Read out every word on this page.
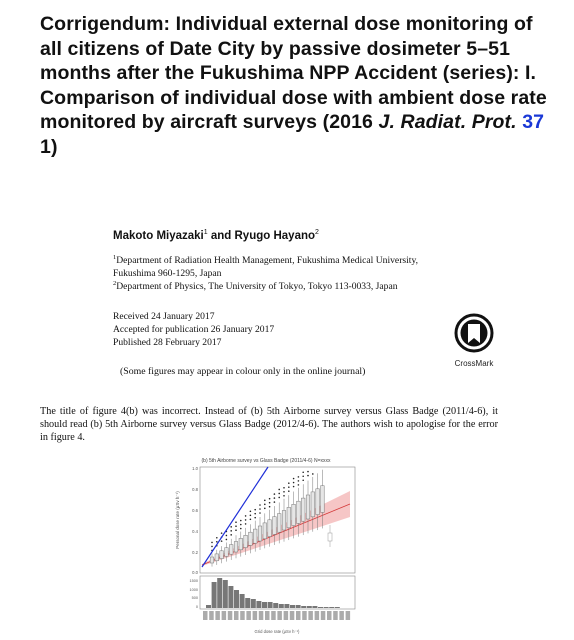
Corrigendum: Individual external dose monitoring of all citizens of Date City by passive dosimeter 5–51 months after the Fukushima NPP Accident (series): I. Comparison of individual dose with ambient dose rate monitored by aircraft surveys (2016 J. Radiat. Prot. 37 1)
Makoto Miyazaki$^1$ and Ryugo Hayano$^2$
$^1$Department of Radiation Health Management, Fukushima Medical University,
Fukushima 960-1295, Japan
$^2$Department of Physics, The University of Tokyo, Tokyo 113-0033, Japan
Received 24 January 2017
Accepted for publication 26 January 2017
Published 28 February 2017
CrossMark
(Some figures may appear in colour only in the online journal)
The title of figure 4(b) was incorrect. Instead of (b) 5th Airborne survey versus Glass Badge (2011/4-6), it should read (b) 5th Airborne survey versus Glass Badge (2012/4-6). The authors wish to apologise for the error in figure 4.
(b) 5th Airborne survey vs Glass Badge (2011/4-6) N=xxxx
1.0
0.8
0.6
0.4
0.2
0.0
Personal dose rate (μSv h⁻¹)
1500
1000
500
0
Grid dose rate (μSv h⁻¹)
